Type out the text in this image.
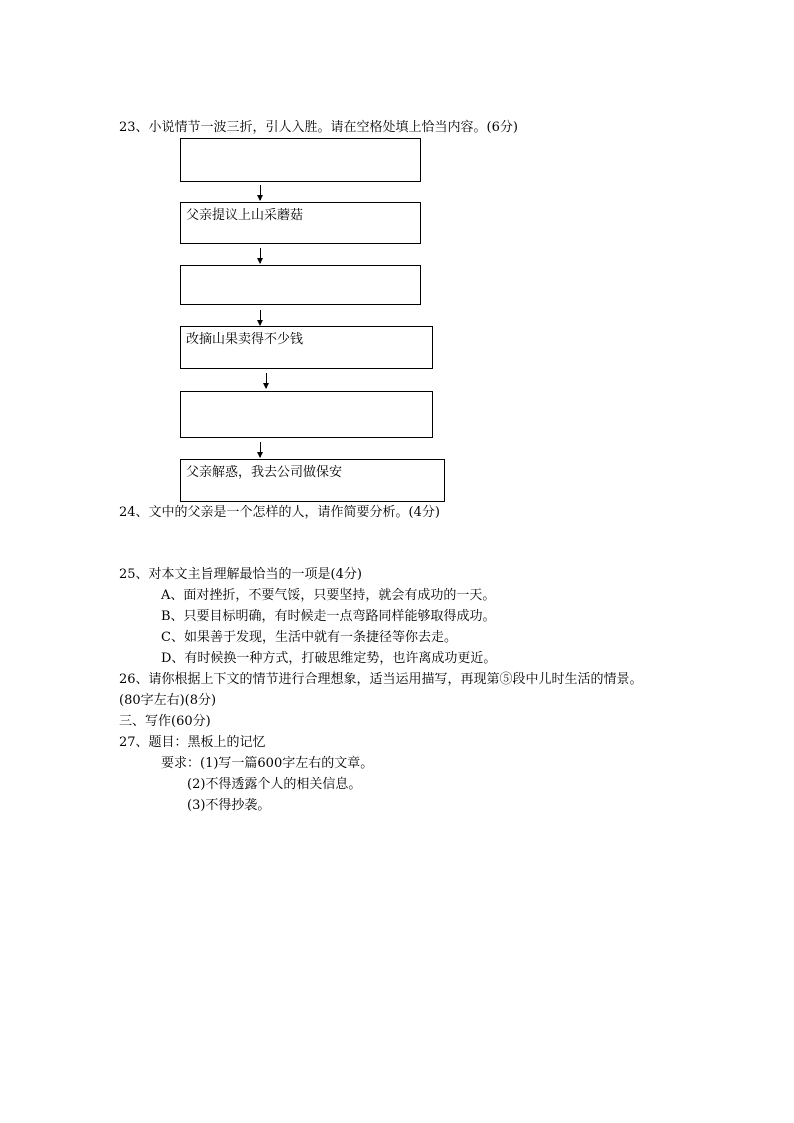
23、小说情节一波三折，引人入胜。请在空格处填上恰当内容。(6分)
父亲提议上山采蘑菇
改摘山果卖得不少钱
父亲解惑，我去公司做保安
24、文中的父亲是一个怎样的人，请作简要分析。(4分)
25、对本文主旨理解最恰当的一项是(4分)
A、面对挫折，不要气馁，只要坚持，就会有成功的一天。
B、只要目标明确，有时候走一点弯路同样能够取得成功。
C、如果善于发现，生活中就有一条捷径等你去走。
D、有时候换一种方式，打破思维定势，也许离成功更近。
26、请你根据上下文的情节进行合理想象，适当运用描写，再现第⑤段中儿时生活的情景。
(80字左右)(8分)
三、写作(60分)
27、题目：黑板上的记忆
要求：(1)写一篇600字左右的文章。
(2)不得透露个人的相关信息。
(3)不得抄袭。
